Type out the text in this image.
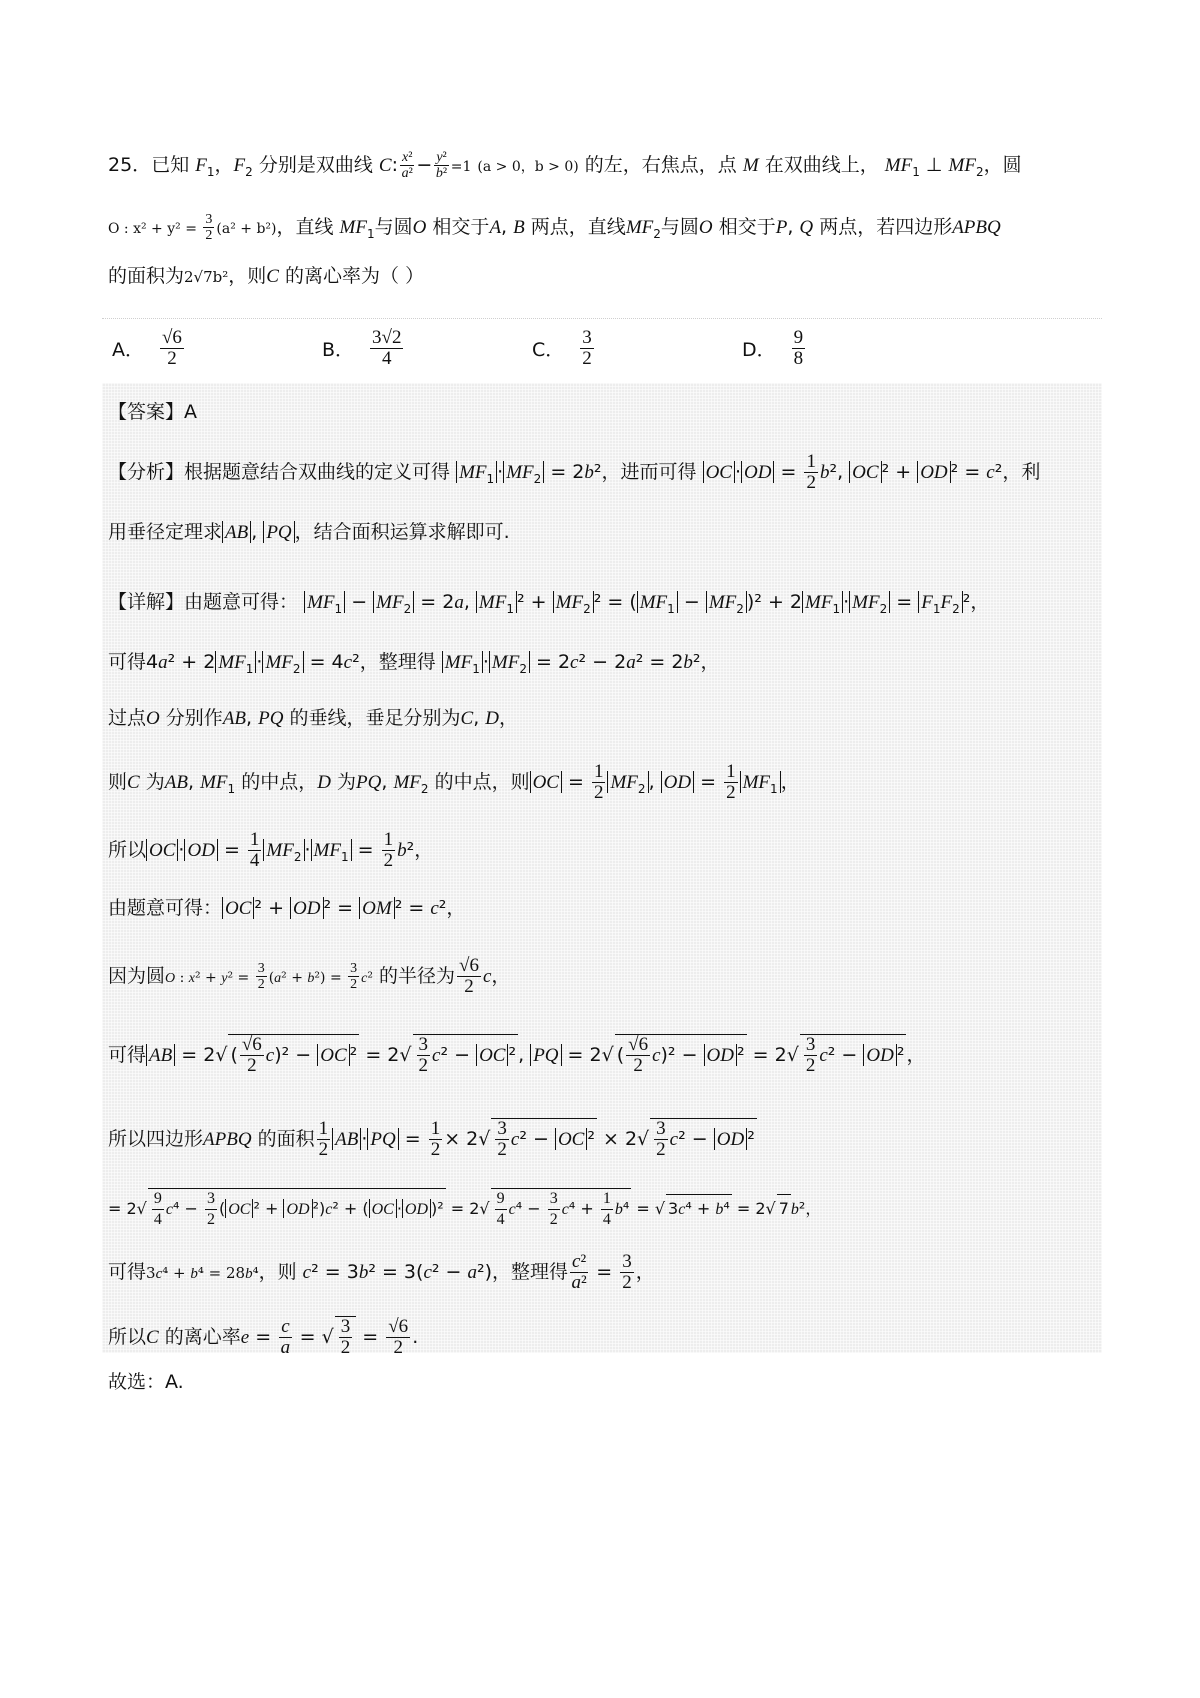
25．已知 $F_1$，$F_2$ 分别是双曲线 C: $\frac{\text{x²}}{\text{a²}} - \frac{\text{y²}}{\text{b²}} =1$ (a > 0，b > 0) 的左，右焦点，点 M 在双曲线上， $MF_1$ ⊥ $MF_2$，圆
O : $x^2 + y^2 = \frac{3}{2} (a^2 + b^2)$，直线 $MF_1$与圆O 相交于A, B 两点，直线$MF_2$与圆O 相交于P, Q 两点，若四边形APBQ
的面积为2√7b²，则C 的离心率为（ ）
A． $\frac{√6}{2}$	B． $\frac{3√2}{4}$	C． $\frac{3}{2}$	D． $\frac{9}{8}$
【答案】A
【分析】根据题意结合双曲线的定义可得 $MF_1 \cdot MF_2 = 2b^2$，进而可得 OC · OD = $\frac{1}{2} b^2$, OC ² + OD ² = c²，利
用垂径定理求 AB , PQ ，结合面积运算求解即可.
【详解】由题意可得： $MF_1 - MF_2 = 2a$, $MF_1$ $^2 + MF_2$ ² = ( $MF_1 - MF_2$ )² + 2 $MF_1 \cdot MF_2 = F_1F_2$ ²，
可得4a² + 2 $MF_1 \cdot MF_2 = 4c^2$，整理得 $MF_1 \cdot MF_2 = 2c^2 - 2a^2 = 2b^2$，
过点O 分别作AB, PQ 的垂线，垂足分别为C, D，
则C 为AB, $MF_1$ 的中点，D 为PQ, $MF_2$ 的中点，则 OC = $\frac{1}{2} MF_2$ , OD = $\frac{1}{2} MF_1$ ，
所以 OC · OD = $\frac{1}{4} MF_2 \cdot MF_1 = \frac{1}{2} b^2$，
由题意可得： OC ² + OD ² = OM ² = c²，
因为圆O : $x^2 + y^2 = \frac{3}{2} (a^2 + b^2) = \frac{3}{2} c^2$ 的半径为 $\frac{√6}{2}$ c，
可得 AB = 2√ ( $\frac{√6}{2} c)^2$ − OC $^2 = 2√ \frac{3}{2} c^2$ − OC ² , PQ = 2√ ( $\frac{√6}{2} c)^2$ − OD $^2 = 2√ \frac{3}{2} c^2$ − OD ² ，
所以四边形APBQ 的面积 $\frac{1}{2}$ AB · PQ = $\frac{1}{2} \times 2√ \frac{3}{2} c^2$ − OC $^2 \times 2√ \frac{3}{2} c^2$ − OD ²
= $2√ \frac{9}{4} c^4 - \frac{3}{2}$ ( OC ² + OD ²)c² + ( OC · OD )$^2 = 2√ \frac{9}{4} c^4 - \frac{3}{2} c^4 + \frac{1}{4} b^4$ = √ 3c⁴ + b⁴ = 2√ 7 b²，
可得3c⁴ + b⁴ = 28b⁴，则 c² = 3b² = 3(c² − a²)，整理得 $\frac{\text{c²}}{\text{a²}} = \frac{3}{2}$ ，
所以C 的离心率$e = \frac{c}{a}$ = √ $\frac{3}{2} = \frac{√6}{2}$ .
故选：A.
